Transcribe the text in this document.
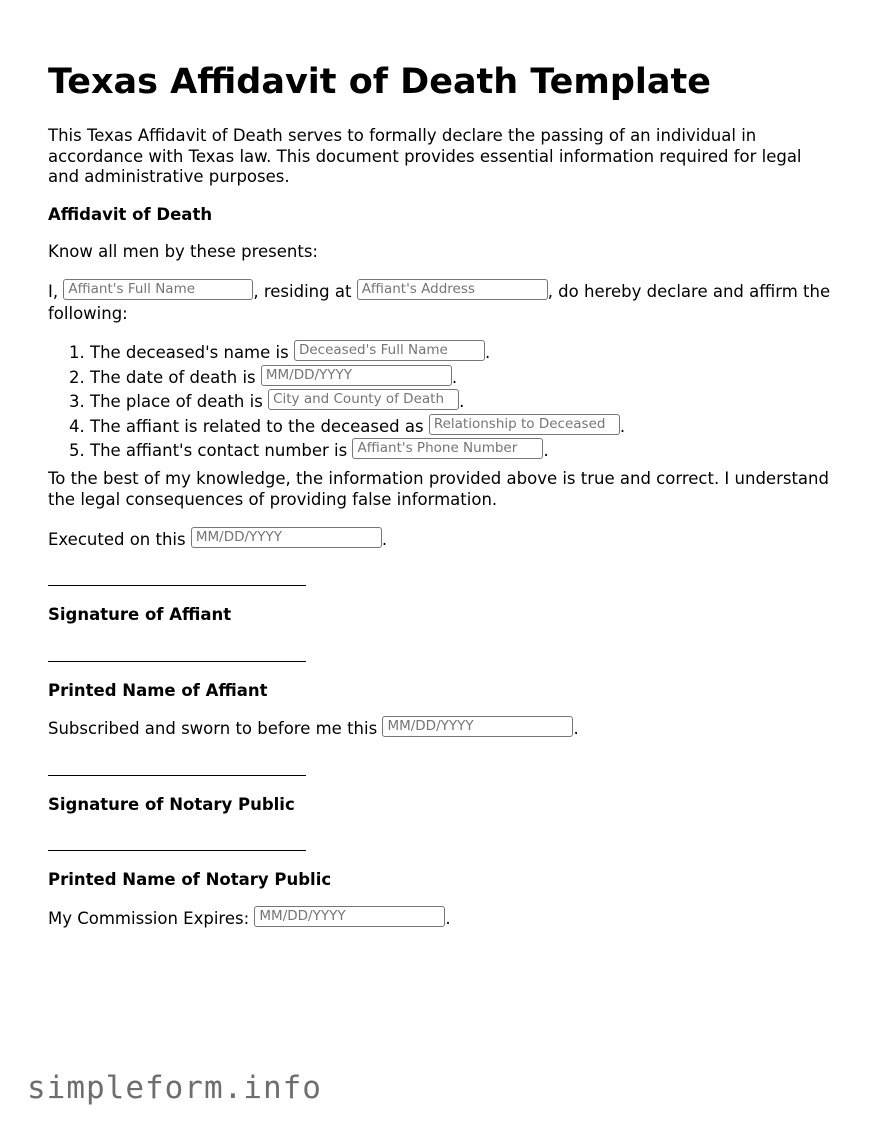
Texas Affidavit of Death Template

This Texas Affidavit of Death serves to formally declare the passing of an individual in accordance with Texas law. This document provides essential information required for legal and administrative purposes.

Affidavit of Death

Know all men by these presents:

I, Affiant's Full Name	, residing at Affiant's Address	, do hereby declare and affirm the following:

1. The deceased's name is Deceased's Full Name .
2. The date of death is MM/DD/YYYY	.
3. The place of death is City and County of Death .
4. The affiant is related to the deceased as Relationship to Deceased .
5. The affiant's contact number is Affiant's Phone Number .

To the best of my knowledge, the information provided above is true and correct. I understand the legal consequences of providing false information.

Executed on this MM/DD/YYYY	.

Signature of Affiant

Printed Name of Affiant

Subscribed and sworn to before me this MM/DD/YYYY	.

Signature of Notary Public

Printed Name of Notary Public

My Commission Expires: MM/DD/YYYY	.

simpleform.info
